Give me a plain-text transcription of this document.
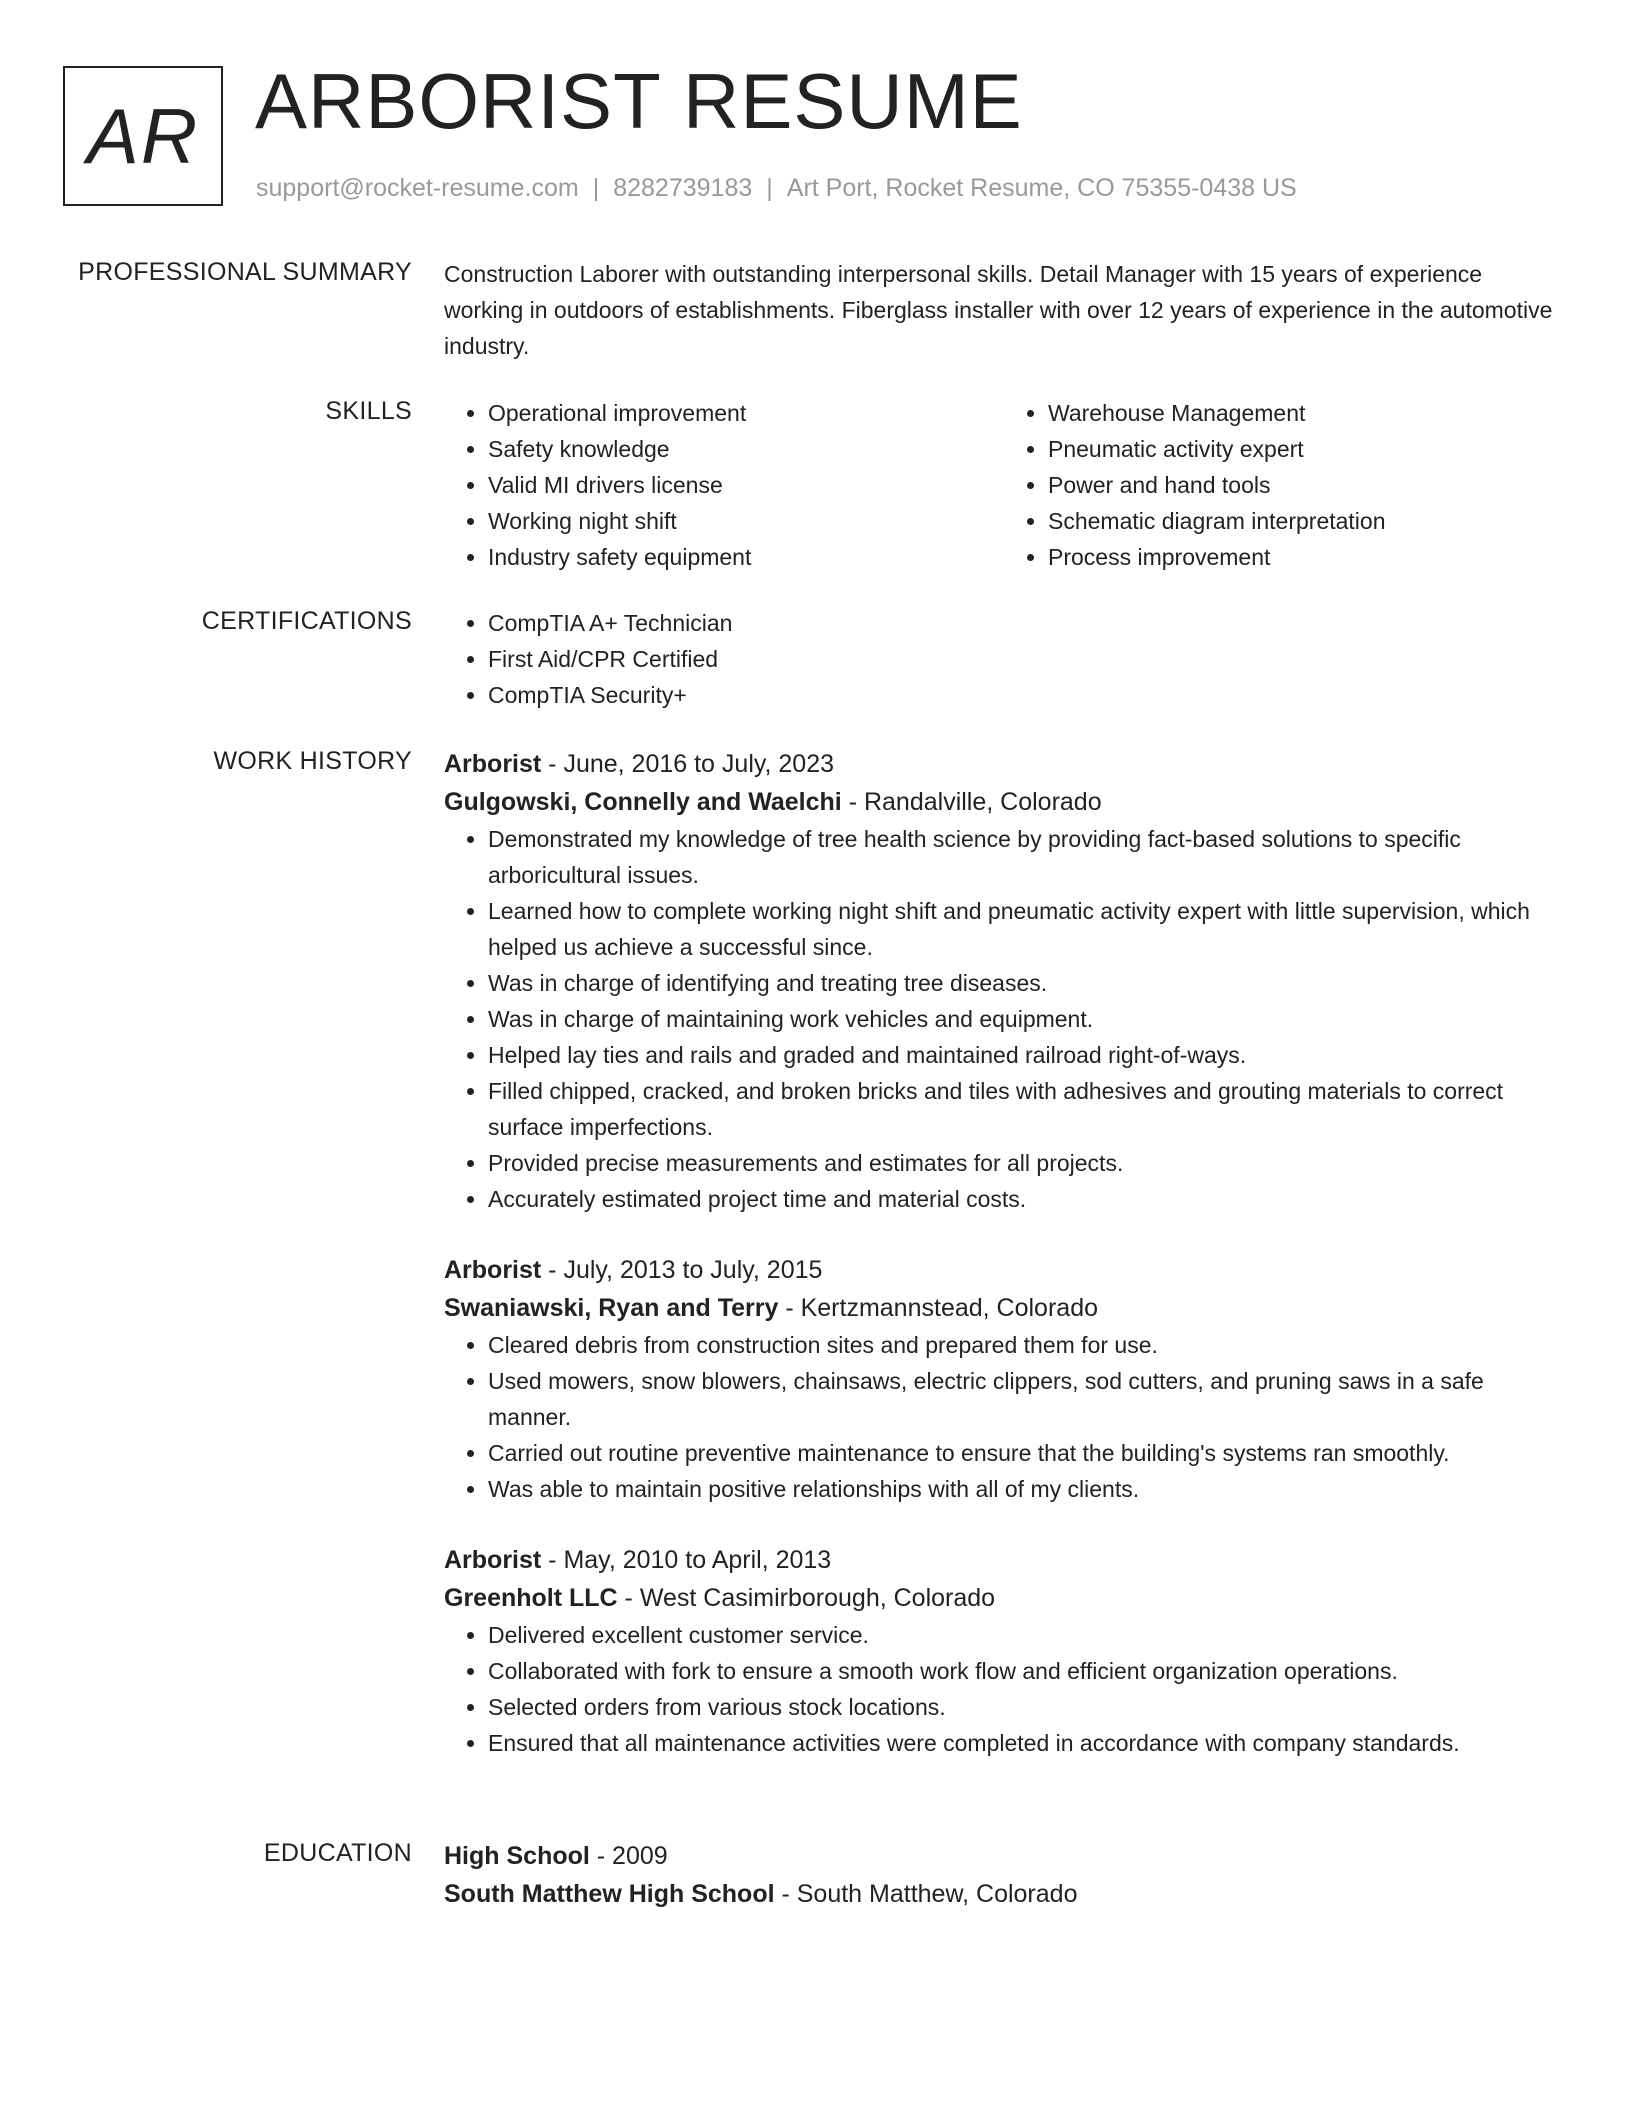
AR ARBORIST RESUME
support@rocket-resume.com | 8282739183 | Art Port, Rocket Resume, CO 75355-0438 US
PROFESSIONAL SUMMARY Construction Laborer with outstanding interpersonal skills. Detail Manager with 15 years of experience working in outdoors of establishments. Fiberglass installer with over 12 years of experience in the automotive industry.
SKILLS	• Operational improvement
• Safety knowledge
• Valid MI drivers license
• Working night shift
• Industry safety equipment
• Warehouse Management
• Pneumatic activity expert
• Power and hand tools
• Schematic diagram interpretation
• Process improvement
CERTIFICATIONS	• CompTIA A+ Technician
• First Aid/CPR Certified
• CompTIA Security+
WORK HISTORY Arborist - June, 2016 to July, 2023
Gulgowski, Connelly and Waelchi - Randalville, Colorado
• Demonstrated my knowledge of tree health science by providing fact-based solutions to specific arboricultural issues.
• Learned how to complete working night shift and pneumatic activity expert with little supervision, which helped us achieve a successful since.
• Was in charge of identifying and treating tree diseases.
• Was in charge of maintaining work vehicles and equipment.
• Helped lay ties and rails and graded and maintained railroad right-of-ways.
• Filled chipped, cracked, and broken bricks and tiles with adhesives and grouting materials to correct surface imperfections.
• Provided precise measurements and estimates for all projects.
• Accurately estimated project time and material costs.
Arborist - July, 2013 to July, 2015
Swaniawski, Ryan and Terry - Kertzmannstead, Colorado
• Cleared debris from construction sites and prepared them for use.
• Used mowers, snow blowers, chainsaws, electric clippers, sod cutters, and pruning saws in a safe manner.
• Carried out routine preventive maintenance to ensure that the building's systems ran smoothly.
• Was able to maintain positive relationships with all of my clients.
Arborist - May, 2010 to April, 2013
Greenholt LLC - West Casimirborough, Colorado
• Delivered excellent customer service.
• Collaborated with fork to ensure a smooth work flow and efficient organization operations.
• Selected orders from various stock locations.
• Ensured that all maintenance activities were completed in accordance with company standards.
EDUCATION High School - 2009
South Matthew High School - South Matthew, Colorado
